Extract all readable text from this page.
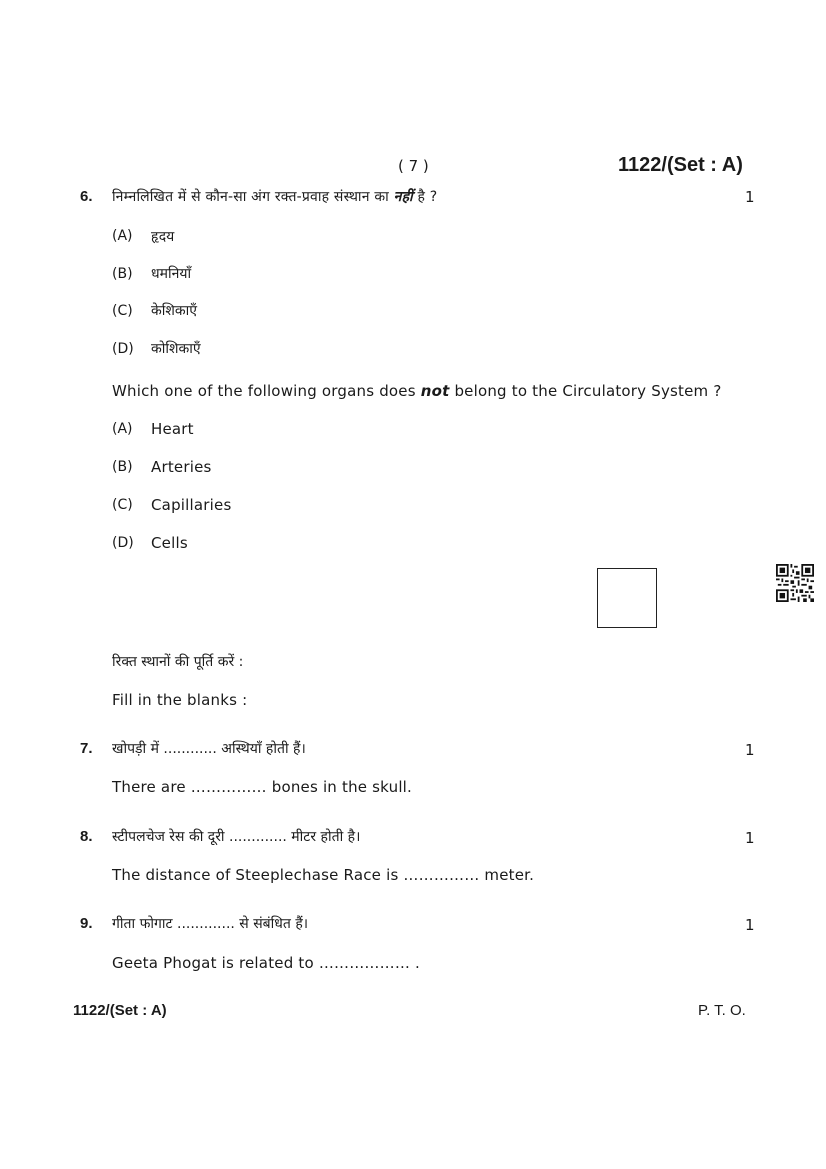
( 7 )	1122/(Set : A)
6. निम्नलिखित में से कौन-सा अंग रक्त-प्रवाह संस्थान का नहीं है ?	1
(A) हृदय
(B) धमनियाँ
(C) केशिकाएँ
(D) कोशिकाएँ
Which one of the following organs does not belong to the Circulatory System ?
(A) Heart
(B) Arteries
(C) Capillaries
(D) Cells
रिक्त स्थानों की पूर्ति करें :
Fill in the blanks :
7. खोपड़ी में ............ अस्थियाँ होती हैं।	1
There are …………… bones in the skull.
8. स्टीपलचेज रेस की दूरी ............. मीटर होती है।	1
The distance of Steeplechase Race is …………… meter.
9. गीता फोगाट ............. से संबंधित हैं।	1
Geeta Phogat is related to ……………… .
1122/(Set : A)	P. T. O.
